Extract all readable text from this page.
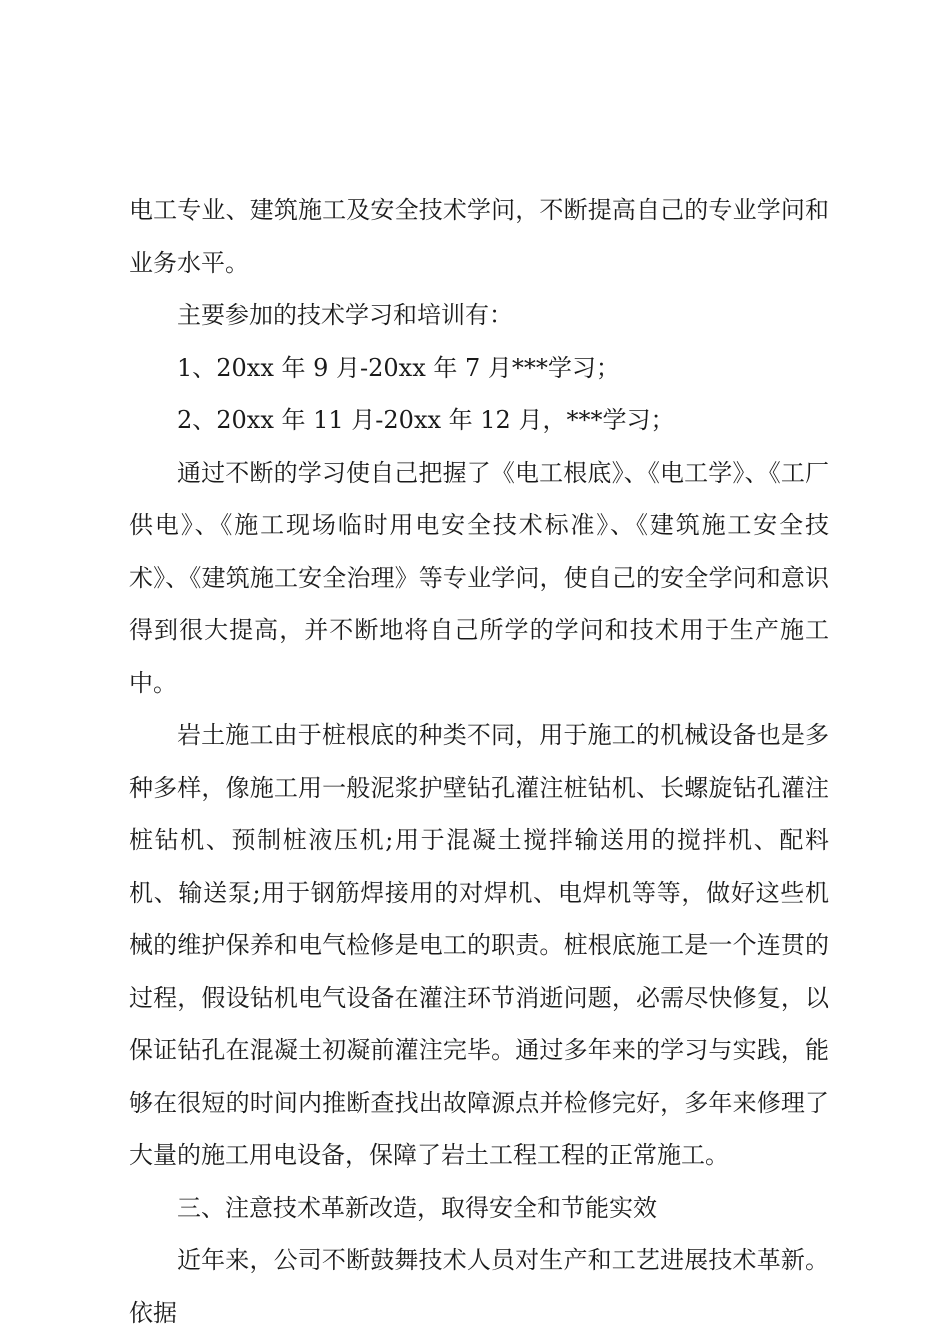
电工专业、建筑施工及安全技术学问，不断提高自己的专业学问和业务水平。

主要参加的技术学习和培训有：

1、20xx 年 9 月-20xx 年 7 月***学习；

2、20xx 年 11 月-20xx 年 12 月，***学习；

通过不断的学习使自己把握了《电工根底》、《电工学》、《工厂供电》、《施工现场临时用电安全技术标准》、《建筑施工安全技术》、《建筑施工安全治理》等专业学问，使自己的安全学问和意识得到很大提高，并不断地将自己所学的学问和技术用于生产施工中。

岩土施工由于桩根底的种类不同，用于施工的机械设备也是多种多样，像施工用一般泥浆护壁钻孔灌注桩钻机、长螺旋钻孔灌注桩钻机、预制桩液压机;用于混凝土搅拌输送用的搅拌机、配料机、输送泵;用于钢筋焊接用的对焊机、电焊机等等，做好这些机械的维护保养和电气检修是电工的职责。桩根底施工是一个连贯的过程，假设钻机电气设备在灌注环节消逝问题，必需尽快修复，以保证钻孔在混凝土初凝前灌注完毕。通过多年来的学习与实践，能够在很短的时间内推断查找出故障源点并检修完好，多年来修理了大量的施工用电设备，保障了岩土工程工程的正常施工。

三、注意技术革新改造，取得安全和节能实效

近年来，公司不断鼓舞技术人员对生产和工艺进展技术革新。依据
